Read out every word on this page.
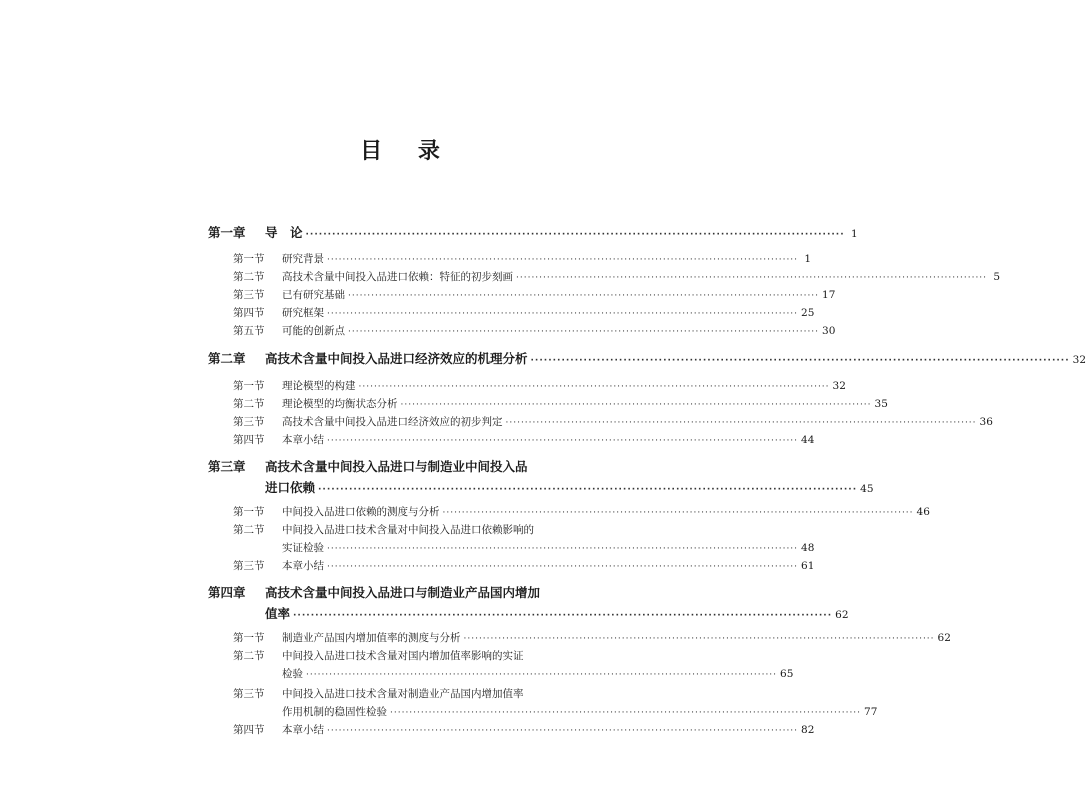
目 录
第一章	导　论 ·····	1
第一节	研究背景 ·····	1
第二节	高技术含量中间投入品进口依赖：特征的初步刻画 ·····	5
第三节	已有研究基础 ·····	17
第四节	研究框架 ·····	25
第五节	可能的创新点 ·····	30
第二章	高技术含量中间投入品进口经济效应的机理分析 ·····	32
第一节	理论模型的构建 ·····	32
第二节	理论模型的均衡状态分析 ·····	35
第三节	高技术含量中间投入品进口经济效应的初步判定 ·····	36
第四节	本章小结 ·····	44
第三章	高技术含量中间投入品进口与制造业中间投入品
进口依赖 ·····	45
第一节	中间投入品进口依赖的测度与分析 ·····	46
第二节	中间投入品进口技术含量对中间投入品进口依赖影响的
实证检验 ·····	48
第三节	本章小结 ·····	61
第四章	高技术含量中间投入品进口与制造业产品国内增加
值率 ·····	62
第一节	制造业产品国内增加值率的测度与分析 ·····	62
第二节	中间投入品进口技术含量对国内增加值率影响的实证
检验 ·····	65
第三节	中间投入品进口技术含量对制造业产品国内增加值率
作用机制的稳固性检验 ·····	77
第四节	本章小结 ·····	82
